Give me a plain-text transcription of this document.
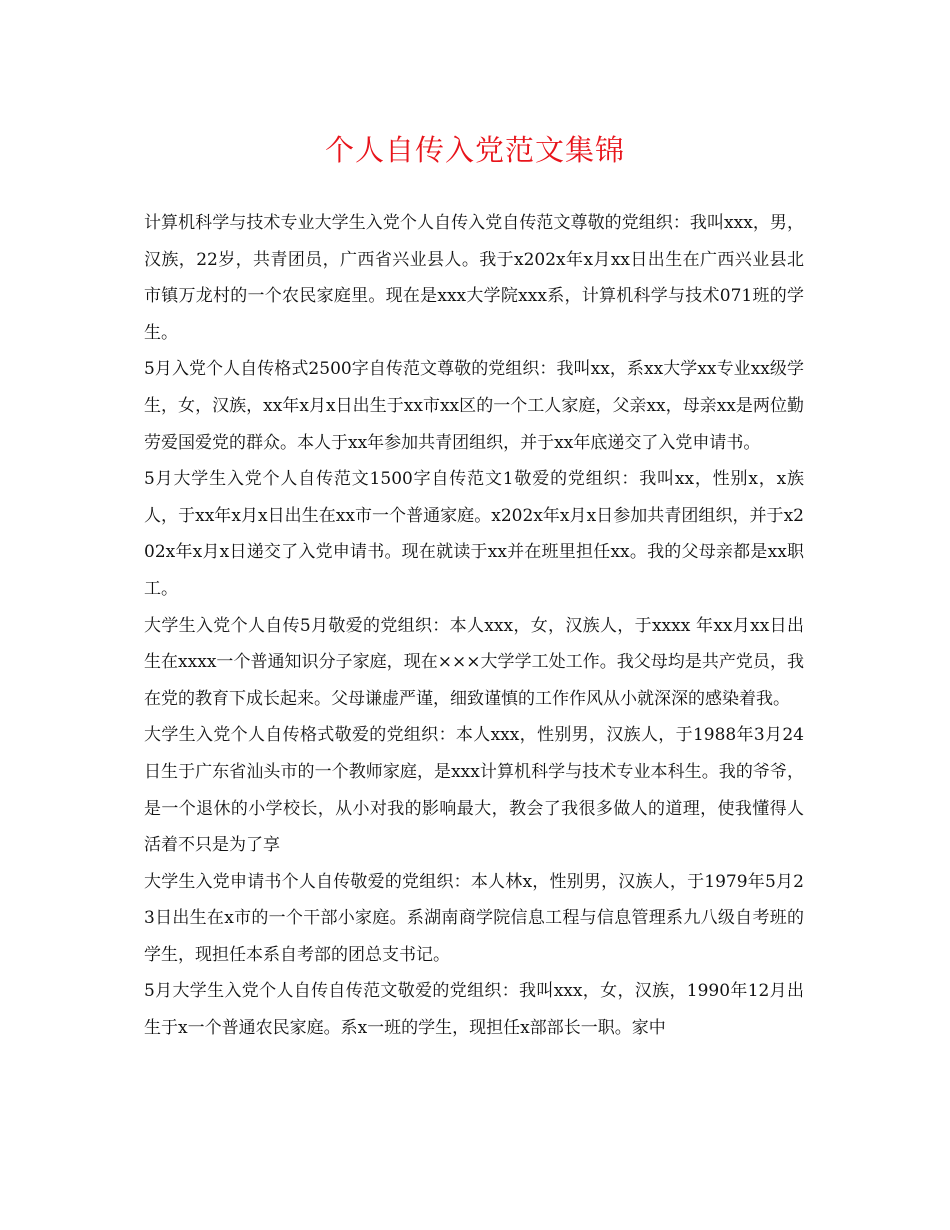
个人自传入党范文集锦

计算机科学与技术专业大学生入党个人自传入党自传范文尊敬的党组织：我叫xxx，男，汉族，22岁，共青团员，广西省兴业县人。我于x202x年x月xx日出生在广西兴业县北市镇万龙村的一个农民家庭里。现在是xxx大学院xxx系，计算机科学与技术071班的学生。

5月入党个人自传格式2500字自传范文尊敬的党组织：我叫xx，系xx大学xx专业xx级学生，女，汉族，xx年x月x日出生于xx市xx区的一个工人家庭，父亲xx，母亲xx是两位勤劳爱国爱党的群众。本人于xx年参加共青团组织，并于xx年底递交了入党申请书。

5月大学生入党个人自传范文1500字自传范文1敬爱的党组织：我叫xx，性别x，x族人，于xx年x月x日出生在xx市一个普通家庭。x202x年x月x日参加共青团组织，并于x202x年x月x日递交了入党申请书。现在就读于xx并在班里担任xx。我的父母亲都是xx职工。

大学生入党个人自传5月敬爱的党组织：本人xxx，女，汉族人，于xxxx 年xx月xx日出生在xxxx一个普通知识分子家庭，现在×××大学学工处工作。我父母均是共产党员，我在党的教育下成长起来。父母谦虚严谨，细致谨慎的工作作风从小就深深的感染着我。

大学生入党个人自传格式敬爱的党组织：本人xxx，性别男，汉族人，于1988年3月24日生于广东省汕头市的一个教师家庭，是xxx计算机科学与技术专业本科生。我的爷爷，是一个退休的小学校长，从小对我的影响最大，教会了我很多做人的道理，使我懂得人活着不只是为了享

大学生入党申请书个人自传敬爱的党组织：本人林x，性别男，汉族人，于1979年5月23日出生在x市的一个干部小家庭。系湖南商学院信息工程与信息管理系九八级自考班的学生，现担任本系自考部的团总支书记。

5月大学生入党个人自传自传范文敬爱的党组织：我叫xxx，女，汉族，1990年12月出生于x一个普通农民家庭。系x一班的学生，现担任x部部长一职。家中
